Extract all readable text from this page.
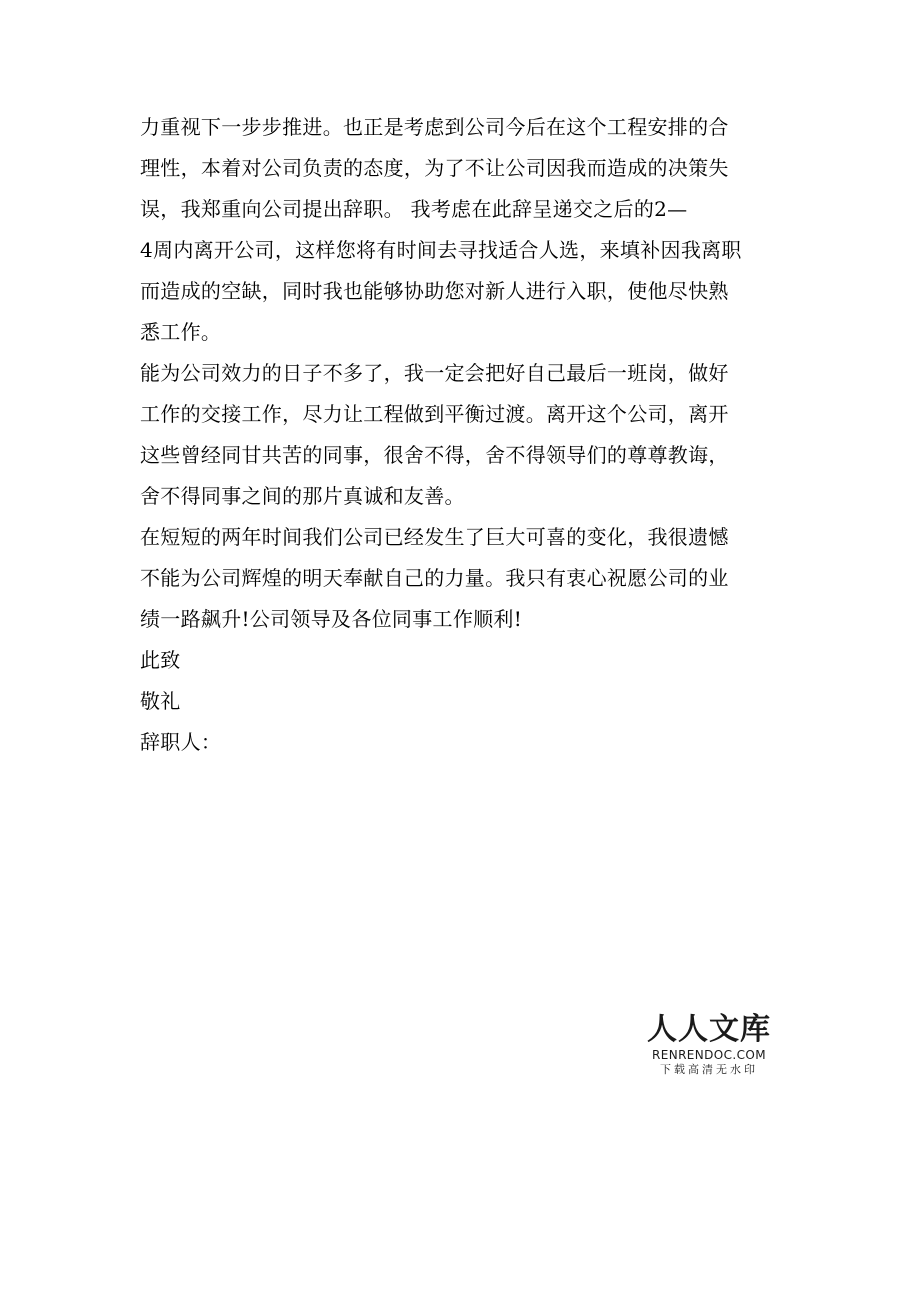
力重视下一步步推进。也正是考虑到公司今后在这个工程安排的合
理性，本着对公司负责的态度，为了不让公司因我而造成的决策失
误，我郑重向公司提出辞职。 我考虑在此辞呈递交之后的2—
4周内离开公司，这样您将有时间去寻找适合人选，来填补因我离职
而造成的空缺，同时我也能够协助您对新人进行入职，使他尽快熟
悉工作。
能为公司效力的日子不多了，我一定会把好自己最后一班岗，做好
工作的交接工作，尽力让工程做到平衡过渡。离开这个公司，离开
这些曾经同甘共苦的同事，很舍不得，舍不得领导们的尊尊教诲，
舍不得同事之间的那片真诚和友善。
在短短的两年时间我们公司已经发生了巨大可喜的变化，我很遗憾
不能为公司辉煌的明天奉献自己的力量。我只有衷心祝愿公司的业
绩一路飙升!公司领导及各位同事工作顺利!
此致
敬礼
辞职人：
人人文库
RENRENDOC.COM
下载高清无水印
